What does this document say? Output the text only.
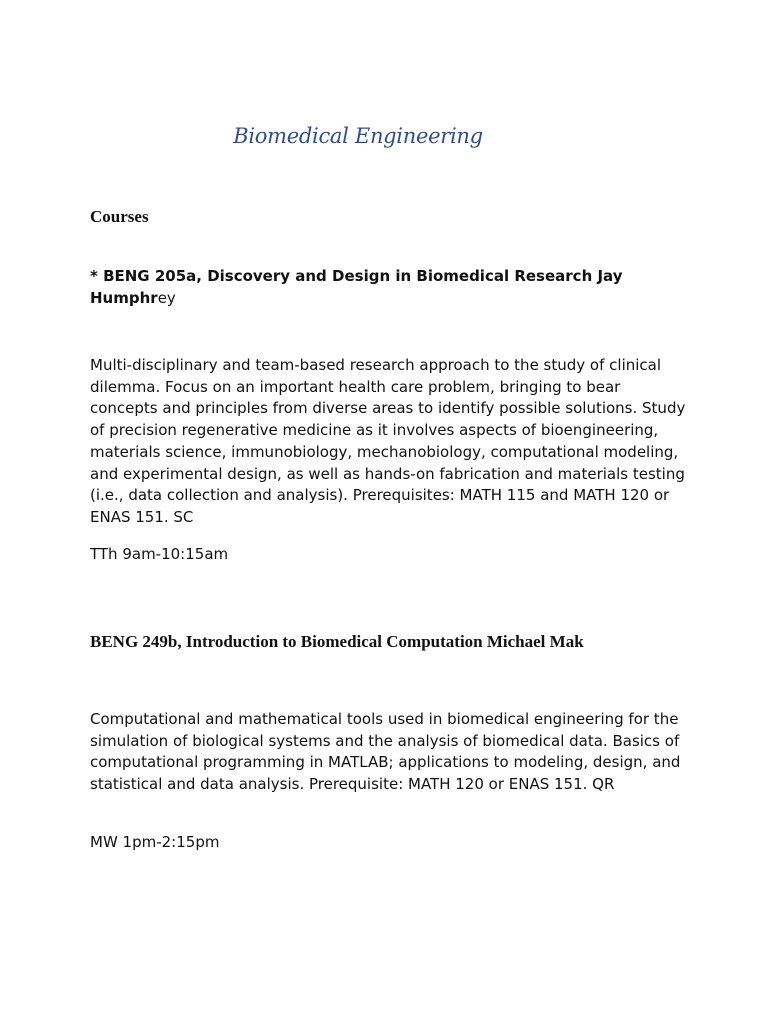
Biomedical Engineering
Courses
* BENG 205a, Discovery and Design in Biomedical Research Jay Humphrey

Multi-disciplinary and team-based research approach to the study of clinical dilemma. Focus on an important health care problem, bringing to bear concepts and principles from diverse areas to identify possible solutions. Study of precision regenerative medicine as it involves aspects of bioengineering, materials science, immunobiology, mechanobiology, computational modeling, and experimental design, as well as hands-on fabrication and materials testing (i.e., data collection and analysis). Prerequisites: MATH 115 and MATH 120 or ENAS 151. SC

TTh 9am-10:15am
BENG 249b, Introduction to Biomedical Computation Michael Mak

Computational and mathematical tools used in biomedical engineering for the simulation of biological systems and the analysis of biomedical data. Basics of computational programming in MATLAB; applications to modeling, design, and statistical and data analysis. Prerequisite: MATH 120 or ENAS 151. QR

MW 1pm-2:15pm
